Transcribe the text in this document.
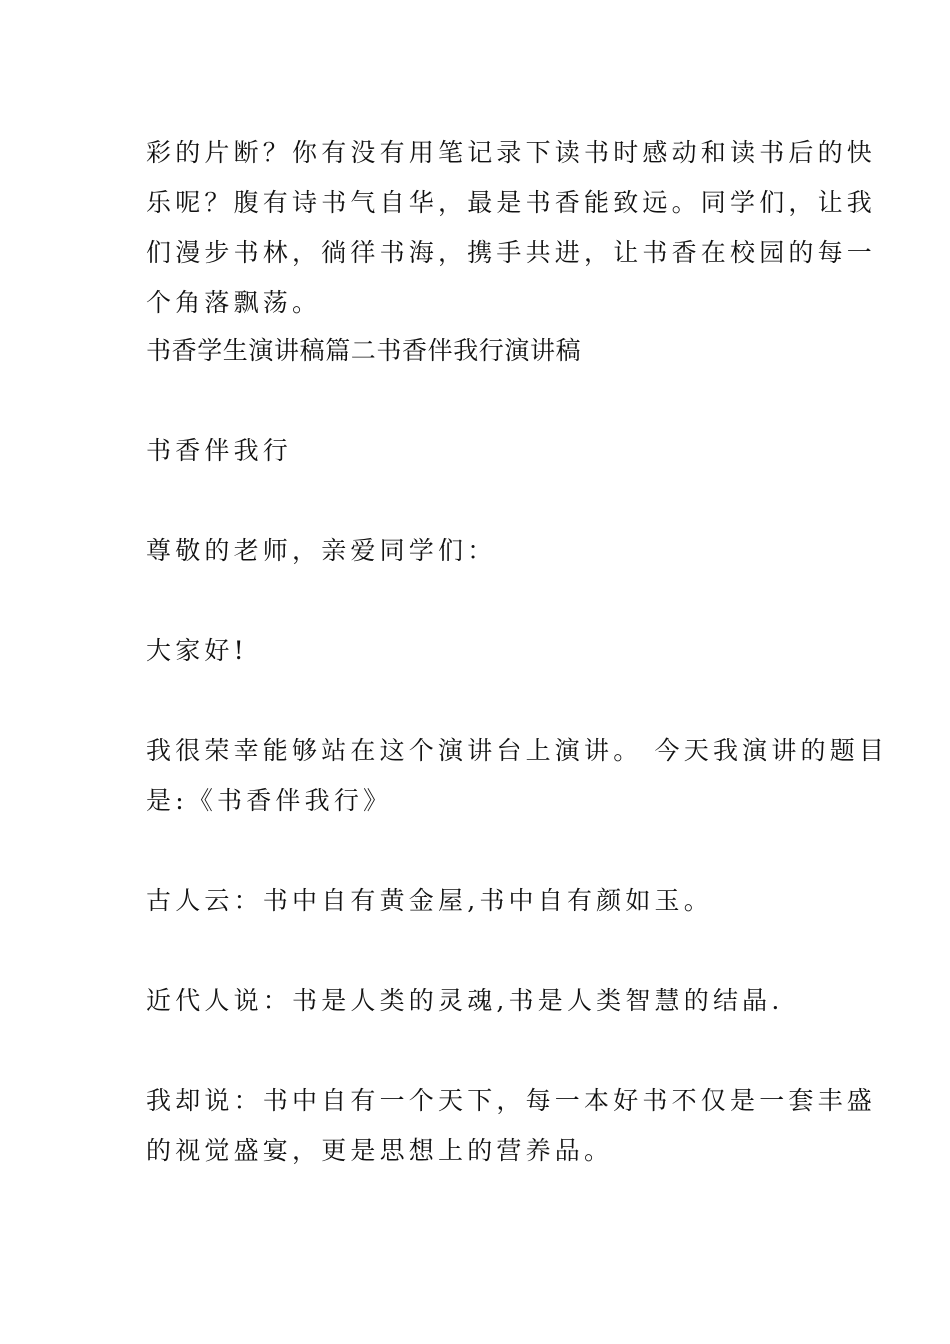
彩的片断？你有没有用笔记录下读书时感动和读书后的快
乐呢？腹有诗书气自华，最是书香能致远。同学们，让我
们漫步书林，徜徉书海，携手共进，让书香在校园的每一
个角落飘荡。
书香学生演讲稿篇二书香伴我行演讲稿
书香伴我行
尊敬的老师，亲爱同学们：
大家好!
我很荣幸能够站在这个演讲台上演讲。 今天我演讲的题目
是:《书香伴我行》
古人云：书中自有黄金屋,书中自有颜如玉。
近代人说：书是人类的灵魂,书是人类智慧的结晶.
我却说：书中自有一个天下，每一本好书不仅是一套丰盛
的视觉盛宴，更是思想上的营养品。
